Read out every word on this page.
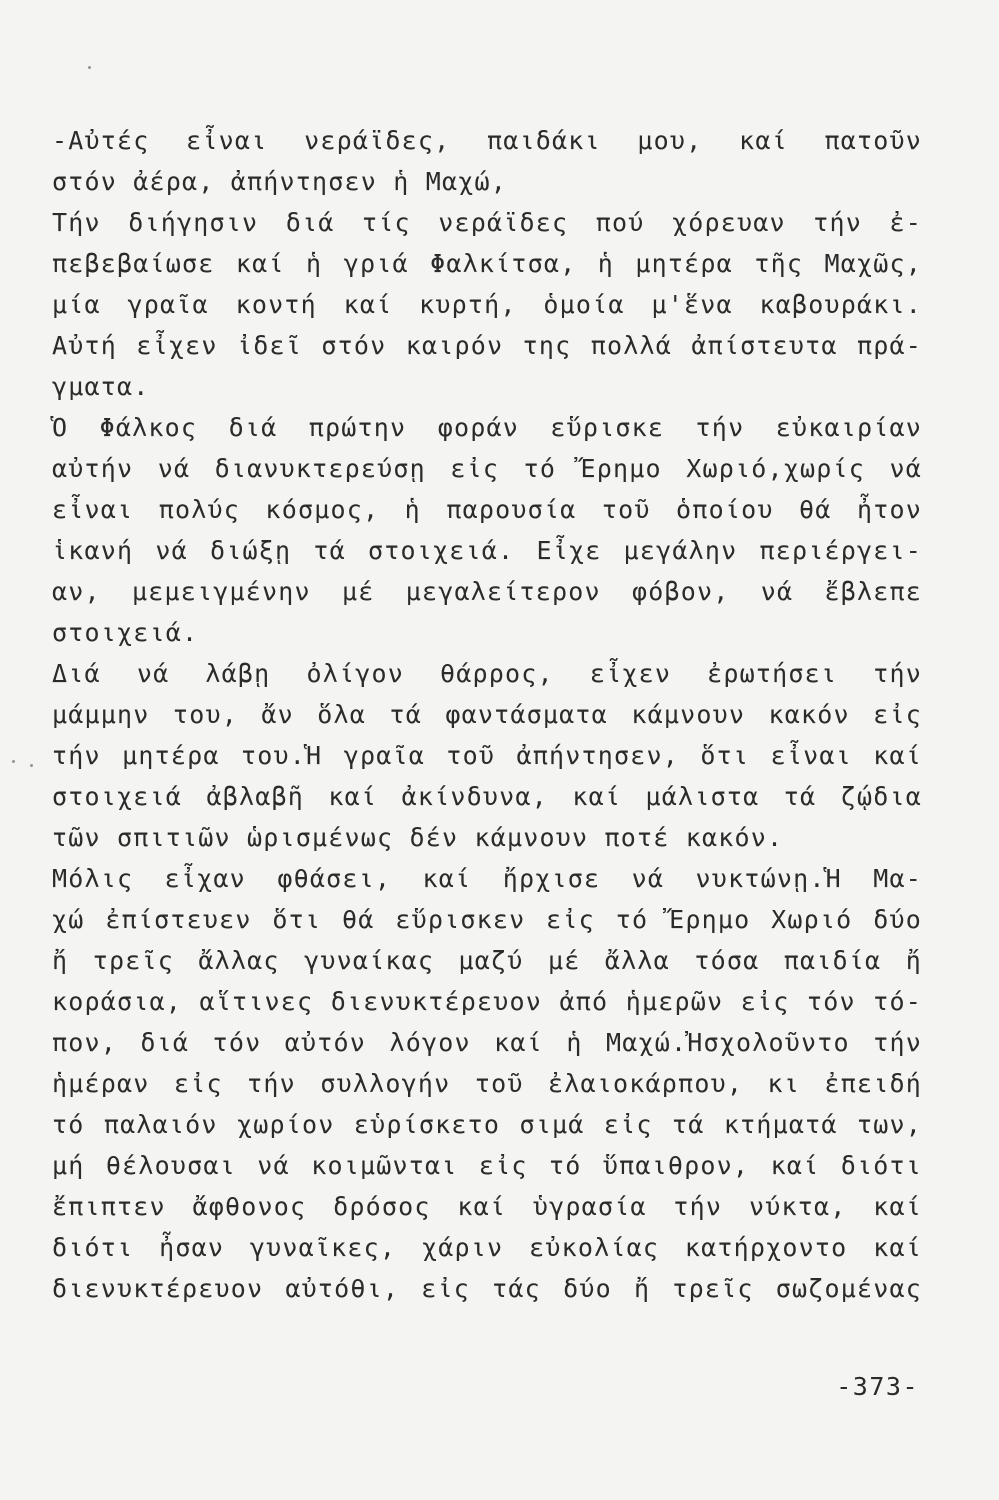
-Αὐτές εἶναι νεράϊδες, παιδάκι μου, καί πατοῦν
στόν ἀέρα, ἀπήντησεν ἡ Μαχώ,
Τήν διήγησιν διά τίς νεράϊδες πού χόρευαν τήν ἐ-
πεβεβαίωσε καί ἡ γριά Φαλκίτσα, ἡ μητέρα τῆς Μαχῶς,
μία γραῖα κοντή καί κυρτή, ὁμοία μ'ἕνα καβουράκι.
Αὐτή εἶχεν ἰδεῖ στόν καιρόν της πολλά ἀπίστευτα πρά-
γματα.
Ὁ Φάλκος διά πρώτην φοράν εὕρισκε τήν εὐκαιρίαν
αὐτήν νά διανυκτερεύσῃ εἰς τό Ἔρημο Χωριό,χωρίς νά
εἶναι πολύς κόσμος, ἡ παρουσία τοῦ ὁποίου θά ἦτον
ἱκανή νά διώξῃ τά στοιχειά. Εἶχε μεγάλην περιέργει-
αν, μεμειγμένην μέ μεγαλείτερον φόβον, νά ἔβλεπε
στοιχειά.
Διά νά λάβῃ ὀλίγον θάρρος, εἶχεν ἐρωτήσει τήν
μάμμην του, ἄν ὅλα τά φαντάσματα κάμνουν κακόν εἰς
τήν μητέρα του.Ἡ γραῖα τοῦ ἀπήντησεν, ὅτι εἶναι καί
στοιχειά ἀβλαβῆ καί ἀκίνδυνα, καί μάλιστα τά ζῴδια
τῶν σπιτιῶν ὡρισμένως δέν κάμνουν ποτέ κακόν.
Μόλις εἶχαν φθάσει, καί ἤρχισε νά νυκτώνῃ.Ἡ Μα-
χώ ἐπίστευεν ὅτι θά εὕρισκεν εἰς τό Ἔρημο Χωριό δύο
ἤ τρεῖς ἄλλας γυναίκας μαζύ μέ ἄλλα τόσα παιδία ἤ
κοράσια, αἵτινες διενυκτέρευον ἀπό ἡμερῶν εἰς τόν τό-
πον, διά τόν αὐτόν λόγον καί ἡ Μαχώ.Ἠσχολοῦντο τήν
ἡμέραν εἰς τήν συλλογήν τοῦ ἐλαιοκάρπου, κι ἐπειδή
τό παλαιόν χωρίον εὑρίσκετο σιμά εἰς τά κτήματά των,
μή θέλουσαι νά κοιμῶνται εἰς τό ὕπαιθρον, καί διότι
ἔπιπτεν ἄφθονος δρόσος καί ὑγρασία τήν νύκτα, καί
διότι ἦσαν γυναῖκες, χάριν εὐκολίας κατήρχοντο καί
διενυκτέρευον αὐτόθι, εἰς τάς δύο ἤ τρεῖς σωζομένας
-373-
